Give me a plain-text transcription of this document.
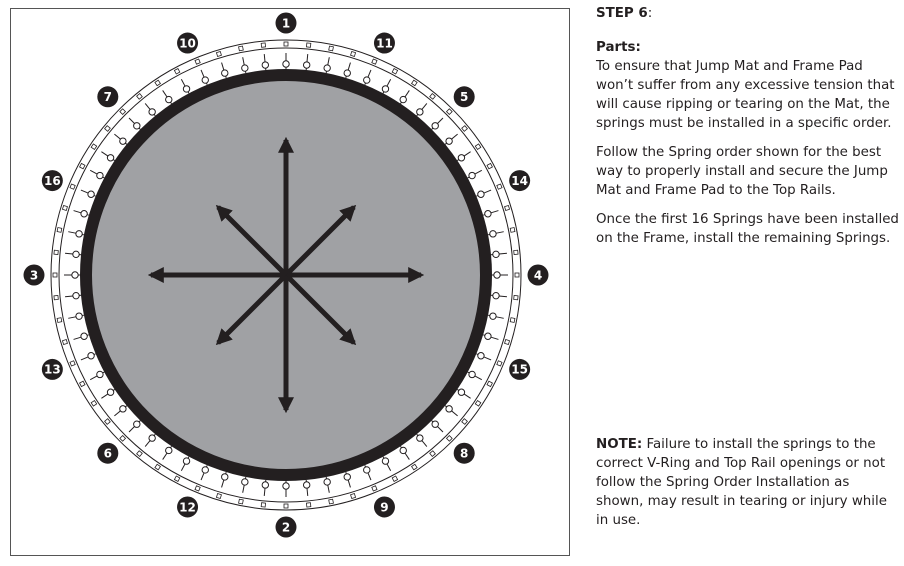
1
2
3	4
5
6
7
8
9
10	11
12
13
14
15
16

STEP 6:

Parts:

To ensure that Jump Mat and Frame Pad won’t suffer from any excessive tension that will cause ripping or tearing on the Mat, the springs must be installed in a specific order.

Follow the Spring order shown for the best way to properly install and secure the Jump Mat and Frame Pad to the Top Rails.

Once the first 16 Springs have been installed on the Frame, install the remaining Springs.

NOTE: Failure to install the springs to the correct V-Ring and Top Rail openings or not follow the Spring Order Installation as shown, may result in tearing or injury while in use.
